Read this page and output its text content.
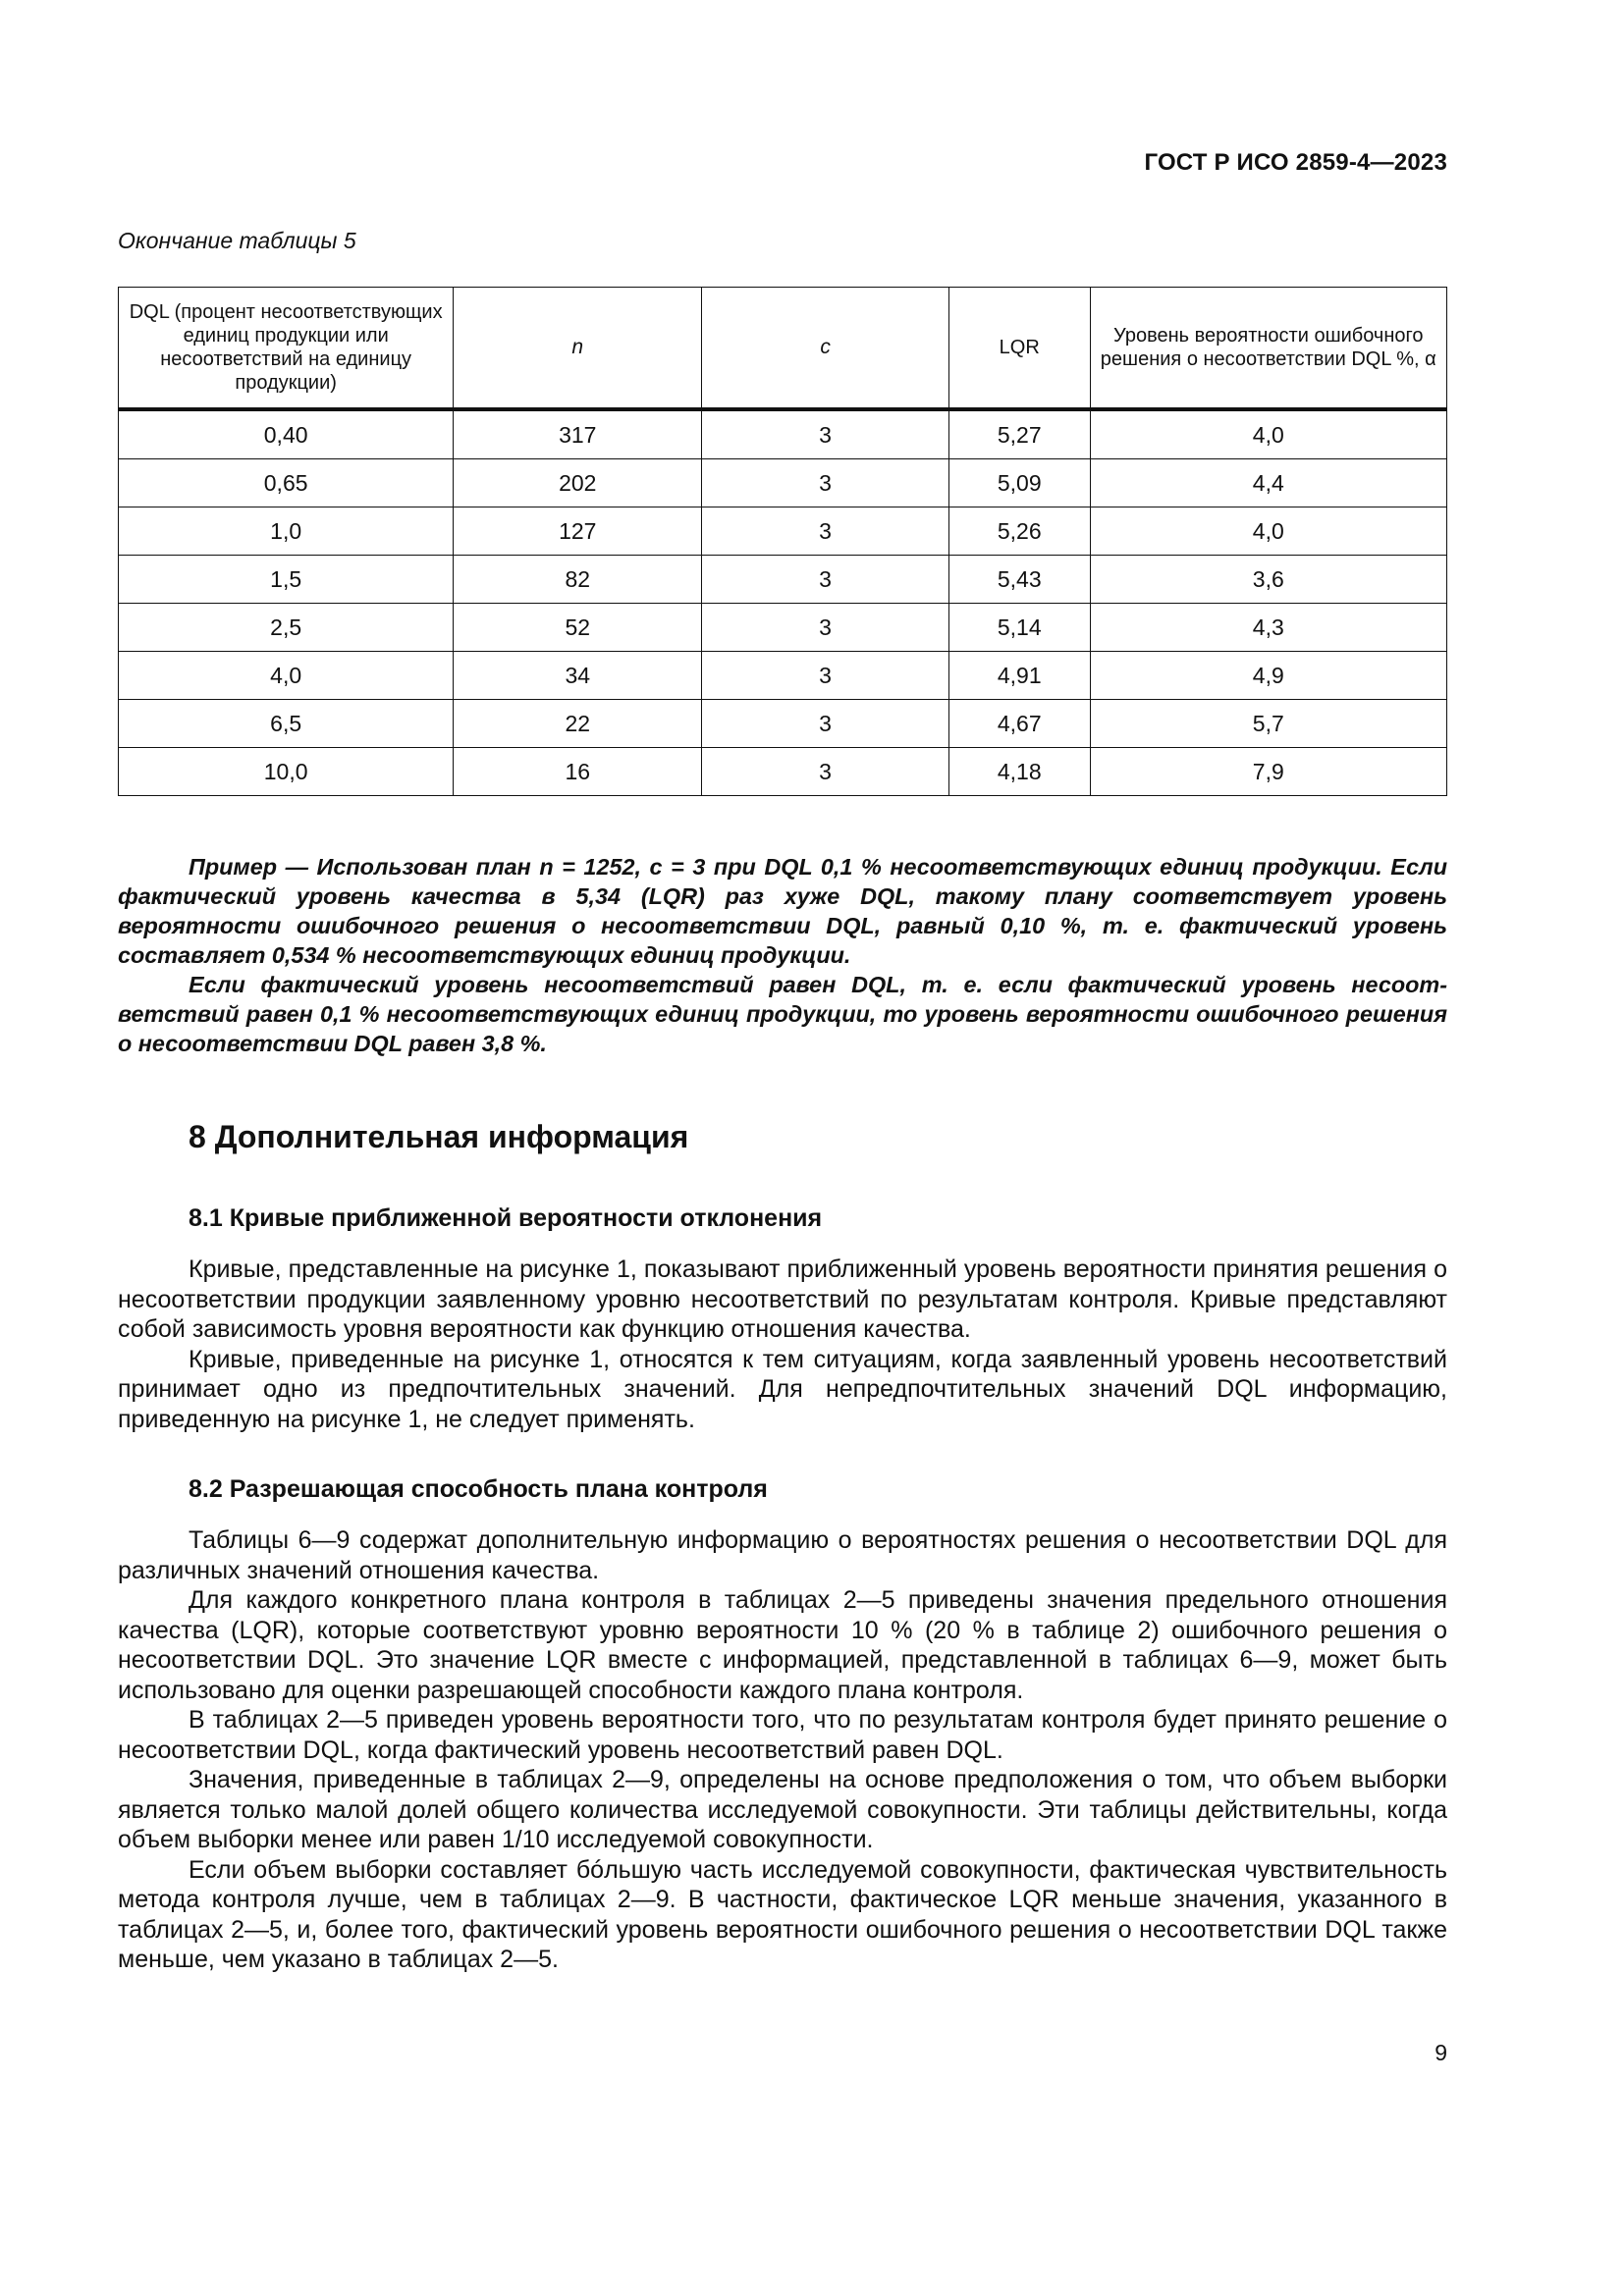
ГОСТ Р ИСО 2859-4—2023
Окончание таблицы 5
DQL (процент несоответствующих единиц продукции или несоответствий на единицу продукции)	n	c	LQR	Уровень вероятности ошибочного решения о несоответствии DQL %, α
0,40	317	3	5,27	4,0
0,65	202	3	5,09	4,4
1,0	127	3	5,26	4,0
1,5	82	3	5,43	3,6
2,5	52	3	5,14	4,3
4,0	34	3	4,91	4,9
6,5	22	3	4,67	5,7
10,0	16	3	4,18	7,9

Пример — Использован план n = 1252, c = 3 при DQL 0,1 % несоответствующих единиц продукции. Если фактический уровень качества в 5,34 (LQR) раз хуже DQL, такому плану соответствует уровень вероятности ошибочного решения о несоответствии DQL, равный 0,10 %, т. е. фактический уровень составляет 0,534 % несоответствующих единиц продукции.

Если фактический уровень несоответствий равен DQL, т. е. если фактический уровень несоответствий равен 0,1 % несоответствующих единиц продукции, то уровень вероятности ошибочного решения о несоответствии DQL равен 3,8 %.

8 Дополнительная информация

8.1 Кривые приближенной вероятности отклонения

Кривые, представленные на рисунке 1, показывают приближенный уровень вероятности принятия решения о несоответствии продукции заявленному уровню несоответствий по результатам контроля. Кривые представляют собой зависимость уровня вероятности как функцию отношения качества.

Кривые, приведенные на рисунке 1, относятся к тем ситуациям, когда заявленный уровень несоответствий принимает одно из предпочтительных значений. Для непредпочтительных значений DQL информацию, приведенную на рисунке 1, не следует применять.

8.2 Разрешающая способность плана контроля

Таблицы 6—9 содержат дополнительную информацию о вероятностях решения о несоответствии DQL для различных значений отношения качества.

Для каждого конкретного плана контроля в таблицах 2—5 приведены значения предельного отношения качества (LQR), которые соответствуют уровню вероятности 10 % (20 % в таблице 2) ошибочного решения о несоответствии DQL. Это значение LQR вместе с информацией, представленной в таблицах 6—9, может быть использовано для оценки разрешающей способности каждого плана контроля.

В таблицах 2—5 приведен уровень вероятности того, что по результатам контроля будет принято решение о несоответствии DQL, когда фактический уровень несоответствий равен DQL.

Значения, приведенные в таблицах 2—9, определены на основе предположения о том, что объем выборки является только малой долей общего количества исследуемой совокупности. Эти таблицы действительны, когда объем выборки менее или равен 1/10 исследуемой совокупности.

Если объем выборки составляет бóльшую часть исследуемой совокупности, фактическая чувствительность метода контроля лучше, чем в таблицах 2—9. В частности, фактическое LQR меньше значения, указанного в таблицах 2—5, и, более того, фактический уровень вероятности ошибочного решения о несоответствии DQL также меньше, чем указано в таблицах 2—5.

9
